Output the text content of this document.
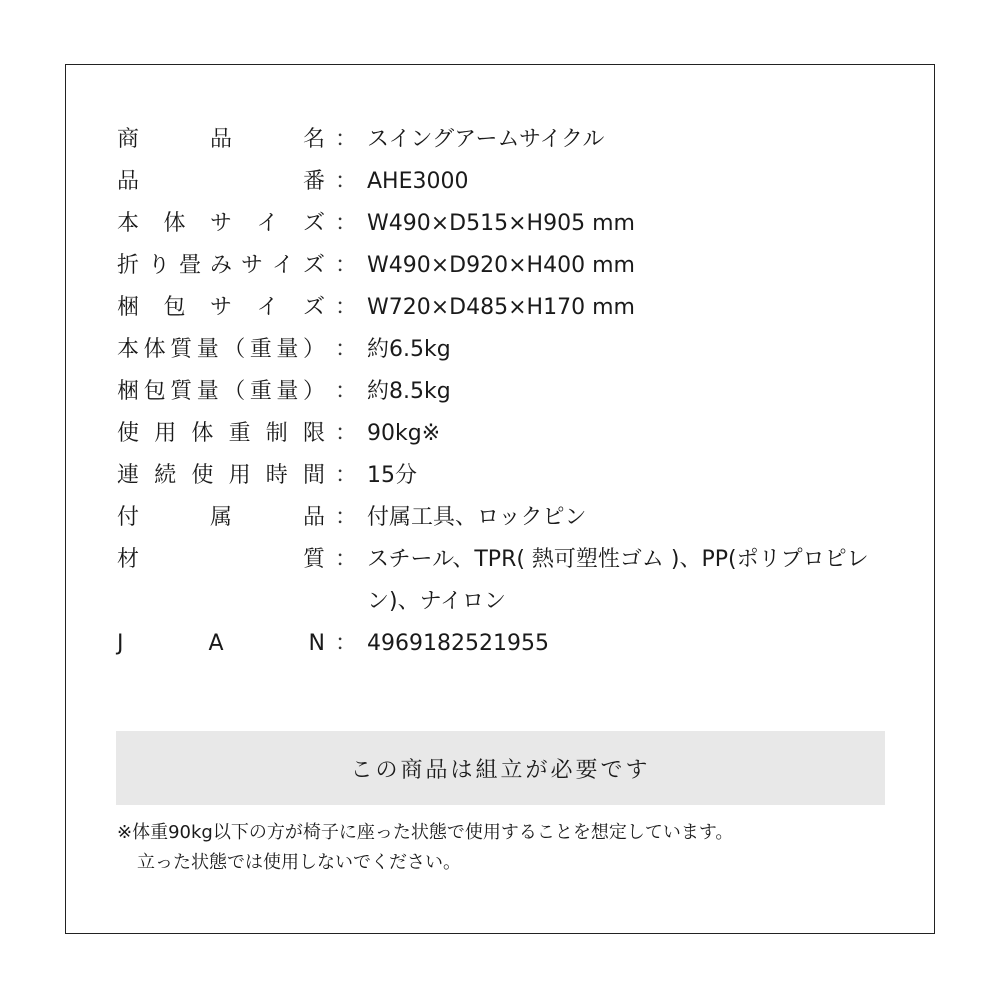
商	品	名 ： スイングアームサイクル
品	番 ： AHE3000
本 体 サ イ ズ ： W490×D515×H905 mm
折 り 畳 み サ イ ズ ： W490×D920×H400 mm
梱 包 サ イ ズ ： W720×D485×H170 mm
本 体 質 量 （ 重 量 ） ： 約6.5kg
梱 包 質 量 （ 重 量 ） ： 約8.5kg
使 用 体 重 制 限 ： 90kg※
連 続 使 用 時 間 ： 15分
付	属	品 ： 付属工具、ロックピン
材	質 ： スチール、TPR( 熱可塑性ゴム )、PP(ポリプロピレン)、ナイロン
J	A	N ： 4969182521955
この商品は組立が必要です
※体重90kg以下の方が椅子に座った状態で使用することを想定しています。
立った状態では使用しないでください。
